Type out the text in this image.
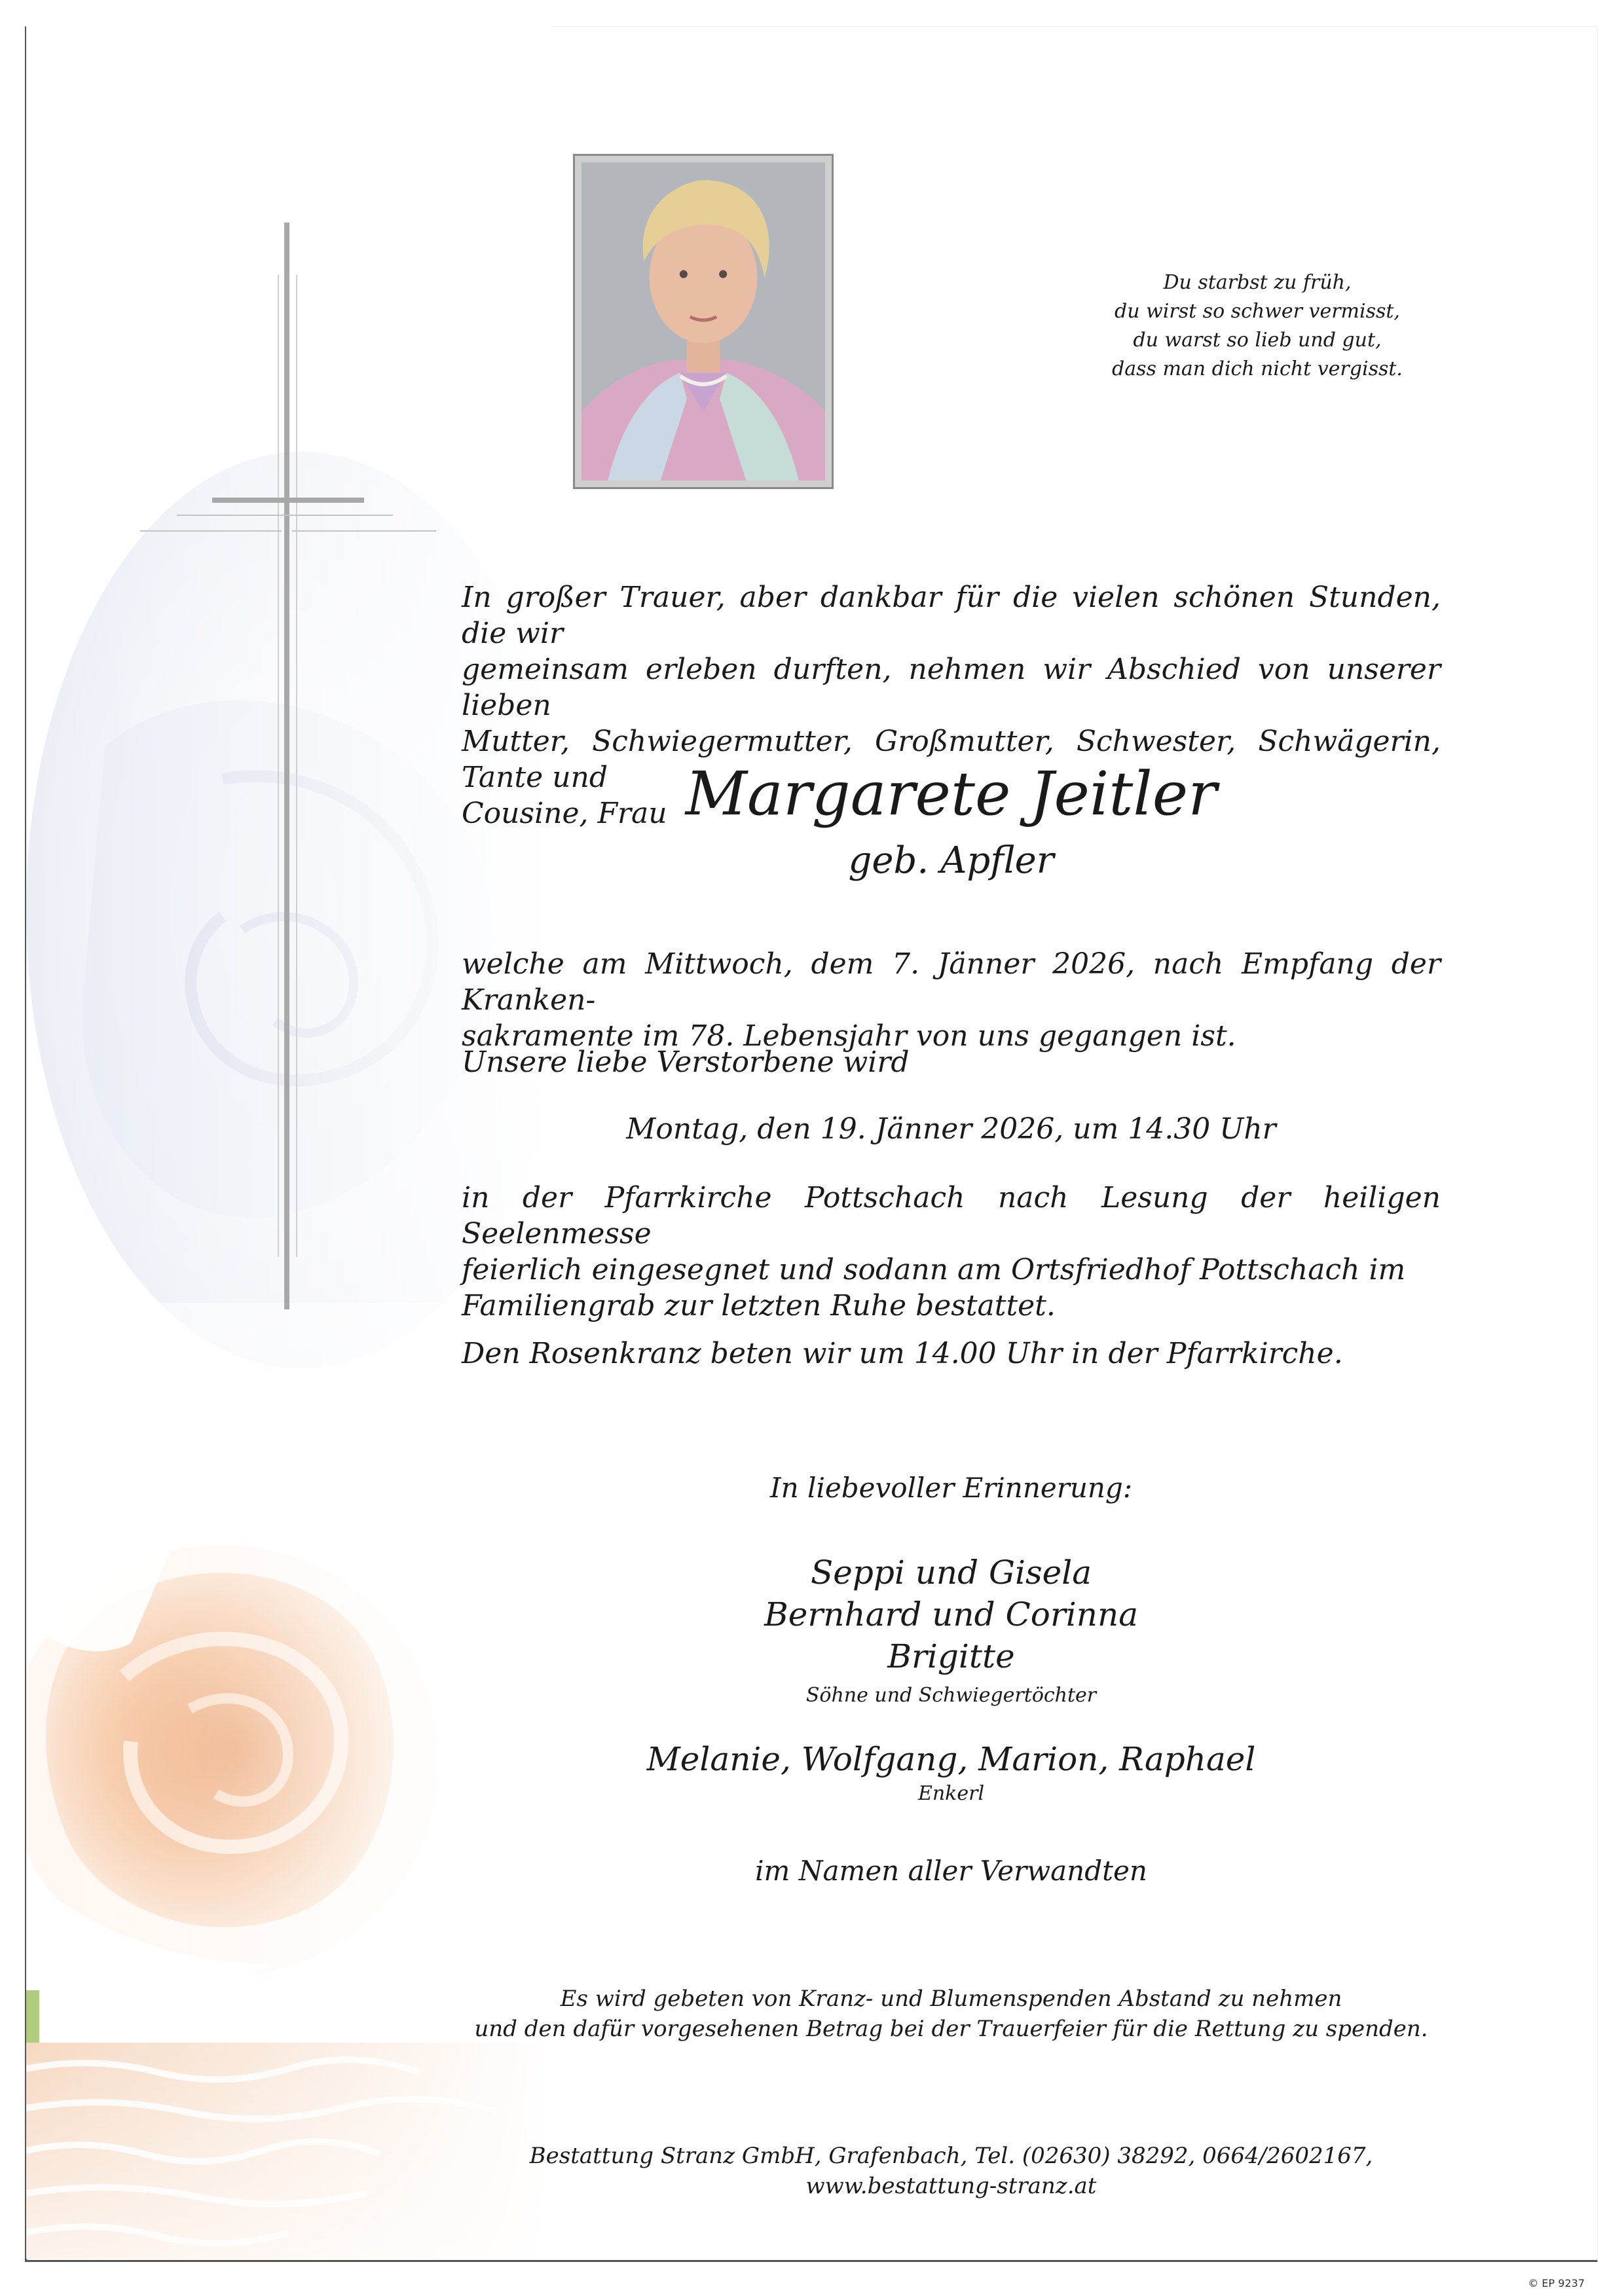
Du starbst zu früh,
du wirst so schwer vermisst,
du warst so lieb und gut,
dass man dich nicht vergisst.
In großer Trauer, aber dankbar für die vielen schönen Stunden, die wir
gemeinsam erleben durften, nehmen wir Abschied von unserer lieben
Mutter, Schwiegermutter, Großmutter, Schwester, Schwägerin, Tante und
Cousine, Frau Margarete Jeitler
geb. Apfler
welche am Mittwoch, dem 7. Jänner 2026, nach Empfang der Kranken-
sakramente im 78. Lebensjahr von uns gegangen ist.
Unsere liebe Verstorbene wird
Montag, den 19. Jänner 2026, um 14.30 Uhr
in der Pfarrkirche Pottschach nach Lesung der heiligen Seelenmesse
feierlich eingesegnet und sodann am Ortsfriedhof Pottschach im
Familiengrab zur letzten Ruhe bestattet.
Den Rosenkranz beten wir um 14.00 Uhr in der Pfarrkirche.
In liebevoller Erinnerung:
Seppi und Gisela
Bernhard und Corinna
Brigitte
Söhne und Schwiegertöchter
Melanie, Wolfgang, Marion, Raphael
Enkerl
im Namen aller Verwandten
Es wird gebeten von Kranz- und Blumenspenden Abstand zu nehmen
und den dafür vorgesehenen Betrag bei der Trauerfeier für die Rettung zu spenden.
Bestattung Stranz GmbH, Grafenbach, Tel. (02630) 38292, 0664/2602167,
www.bestattung-stranz.at
© EP 9237
